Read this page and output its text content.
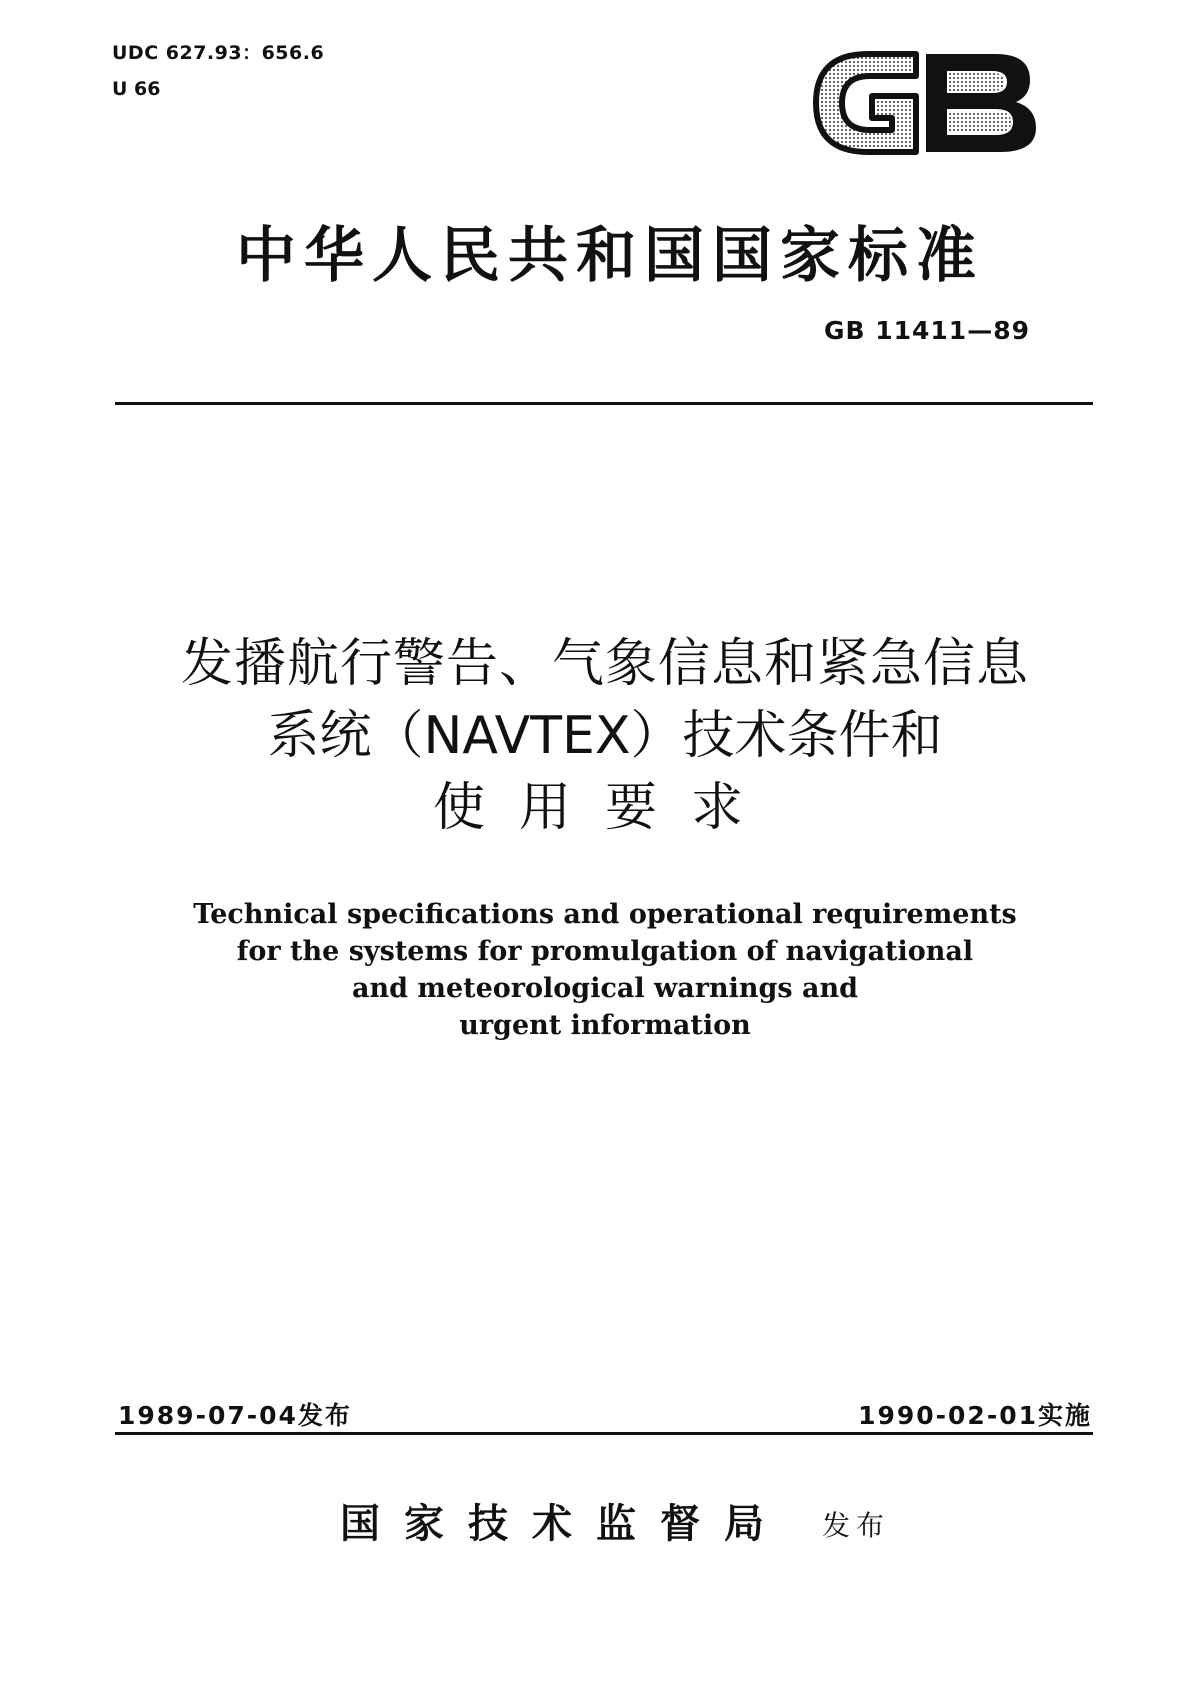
UDC 627.93：656.6
U 66
中华人民共和国国家标准
GB 11411—89
发播航行警告、气象信息和紧急信息
系统（NAVTEX）技术条件和
使用要求
Technical specifications and operational requirements
for the systems for promulgation of navigational
and meteorological warnings and
urgent information
1989-07-04发布	1990-02-01实施
国家技术监督局 发布
